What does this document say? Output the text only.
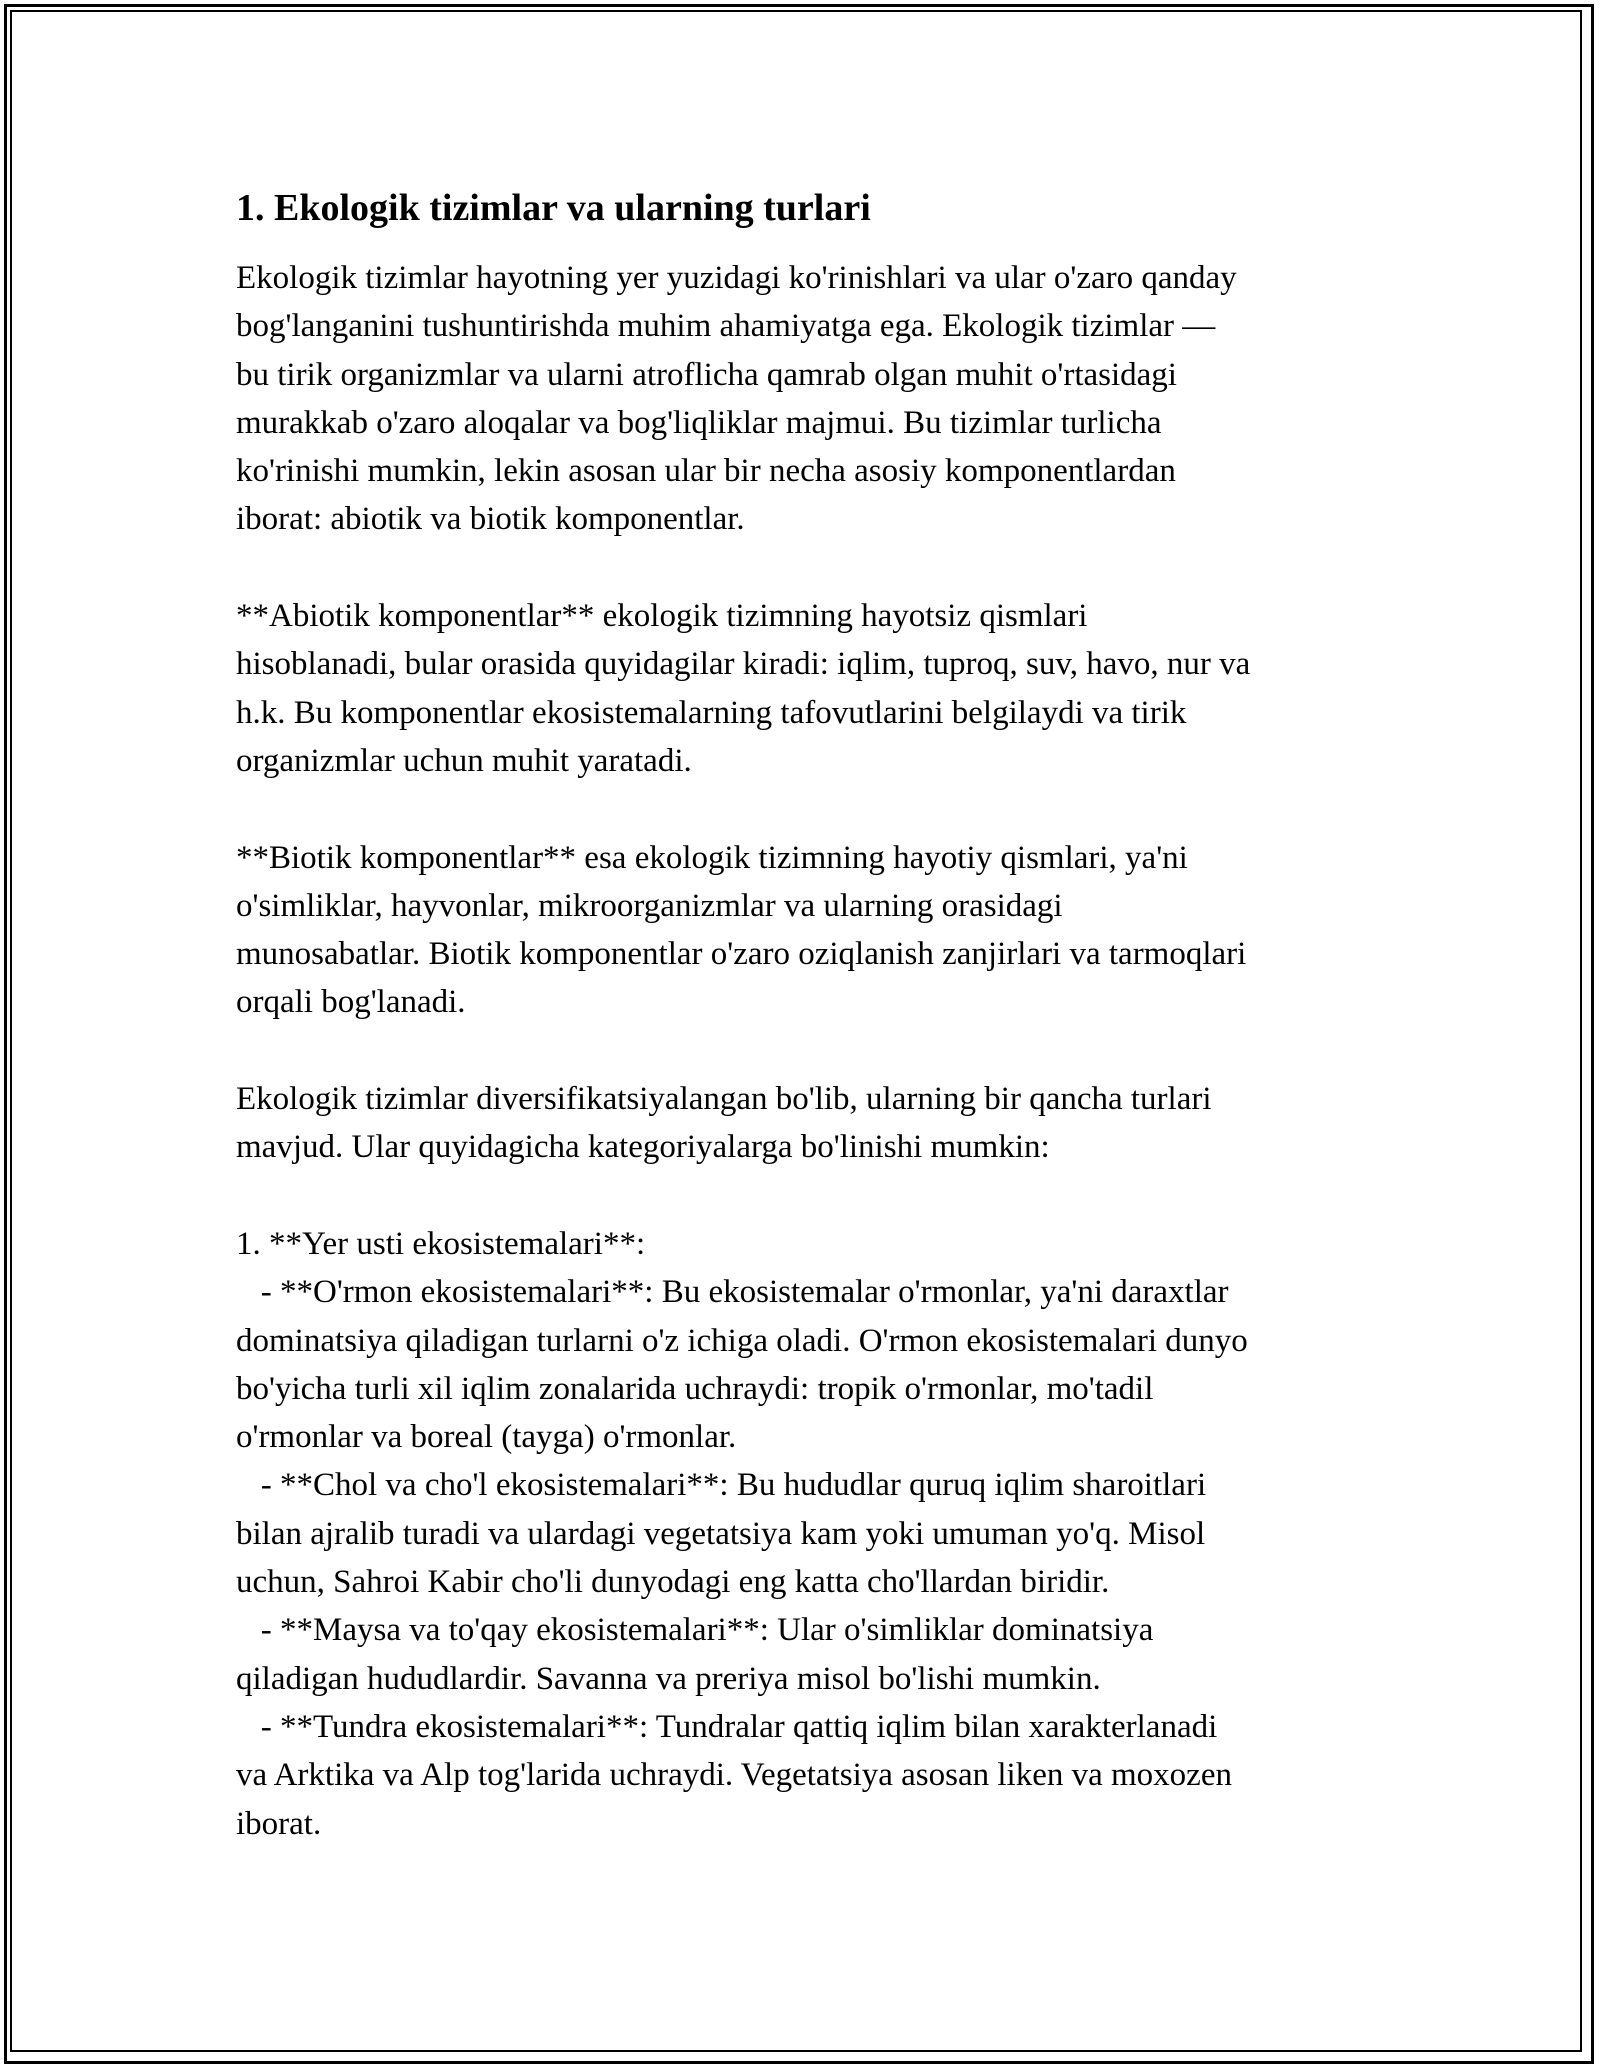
1. Ekologik tizimlar va ularning turlari
Ekologik tizimlar hayotning yer yuzidagi ko'rinishlari va ular o'zaro qanday
bog'langanini tushuntirishda muhim ahamiyatga ega. Ekologik tizimlar —
bu tirik organizmlar va ularni atroflicha qamrab olgan muhit o'rtasidagi
murakkab o'zaro aloqalar va bog'liqliklar majmui. Bu tizimlar turlicha
ko'rinishi mumkin, lekin asosan ular bir necha asosiy komponentlardan
iborat: abiotik va biotik komponentlar.
**Abiotik komponentlar** ekologik tizimning hayotsiz qismlari
hisoblanadi, bular orasida quyidagilar kiradi: iqlim, tuproq, suv, havo, nur va
h.k. Bu komponentlar ekosistemalarning tafovutlarini belgilaydi va tirik
organizmlar uchun muhit yaratadi.
**Biotik komponentlar** esa ekologik tizimning hayotiy qismlari, ya'ni
o'simliklar, hayvonlar, mikroorganizmlar va ularning orasidagi
munosabatlar. Biotik komponentlar o'zaro oziqlanish zanjirlari va tarmoqlari
orqali bog'lanadi.
Ekologik tizimlar diversifikatsiyalangan bo'lib, ularning bir qancha turlari
mavjud. Ular quyidagicha kategoriyalarga bo'linishi mumkin:
1. **Yer usti ekosistemalari**:
- **O'rmon ekosistemalari**: Bu ekosistemalar o'rmonlar, ya'ni daraxtlar
dominatsiya qiladigan turlarni o'z ichiga oladi. O'rmon ekosistemalari dunyo
bo'yicha turli xil iqlim zonalarida uchraydi: tropik o'rmonlar, mo'tadil
o'rmonlar va boreal (tayga) o'rmonlar.
- **Chol va cho'l ekosistemalari**: Bu hududlar quruq iqlim sharoitlari
bilan ajralib turadi va ulardagi vegetatsiya kam yoki umuman yo'q. Misol
uchun, Sahroi Kabir cho'li dunyodagi eng katta cho'llardan biridir.
- **Maysa va to'qay ekosistemalari**: Ular o'simliklar dominatsiya
qiladigan hududlardir. Savanna va preriya misol bo'lishi mumkin.
- **Tundra ekosistemalari**: Tundralar qattiq iqlim bilan xarakterlanadi
va Arktika va Alp tog'larida uchraydi. Vegetatsiya asosan liken va moxozen
iborat.
